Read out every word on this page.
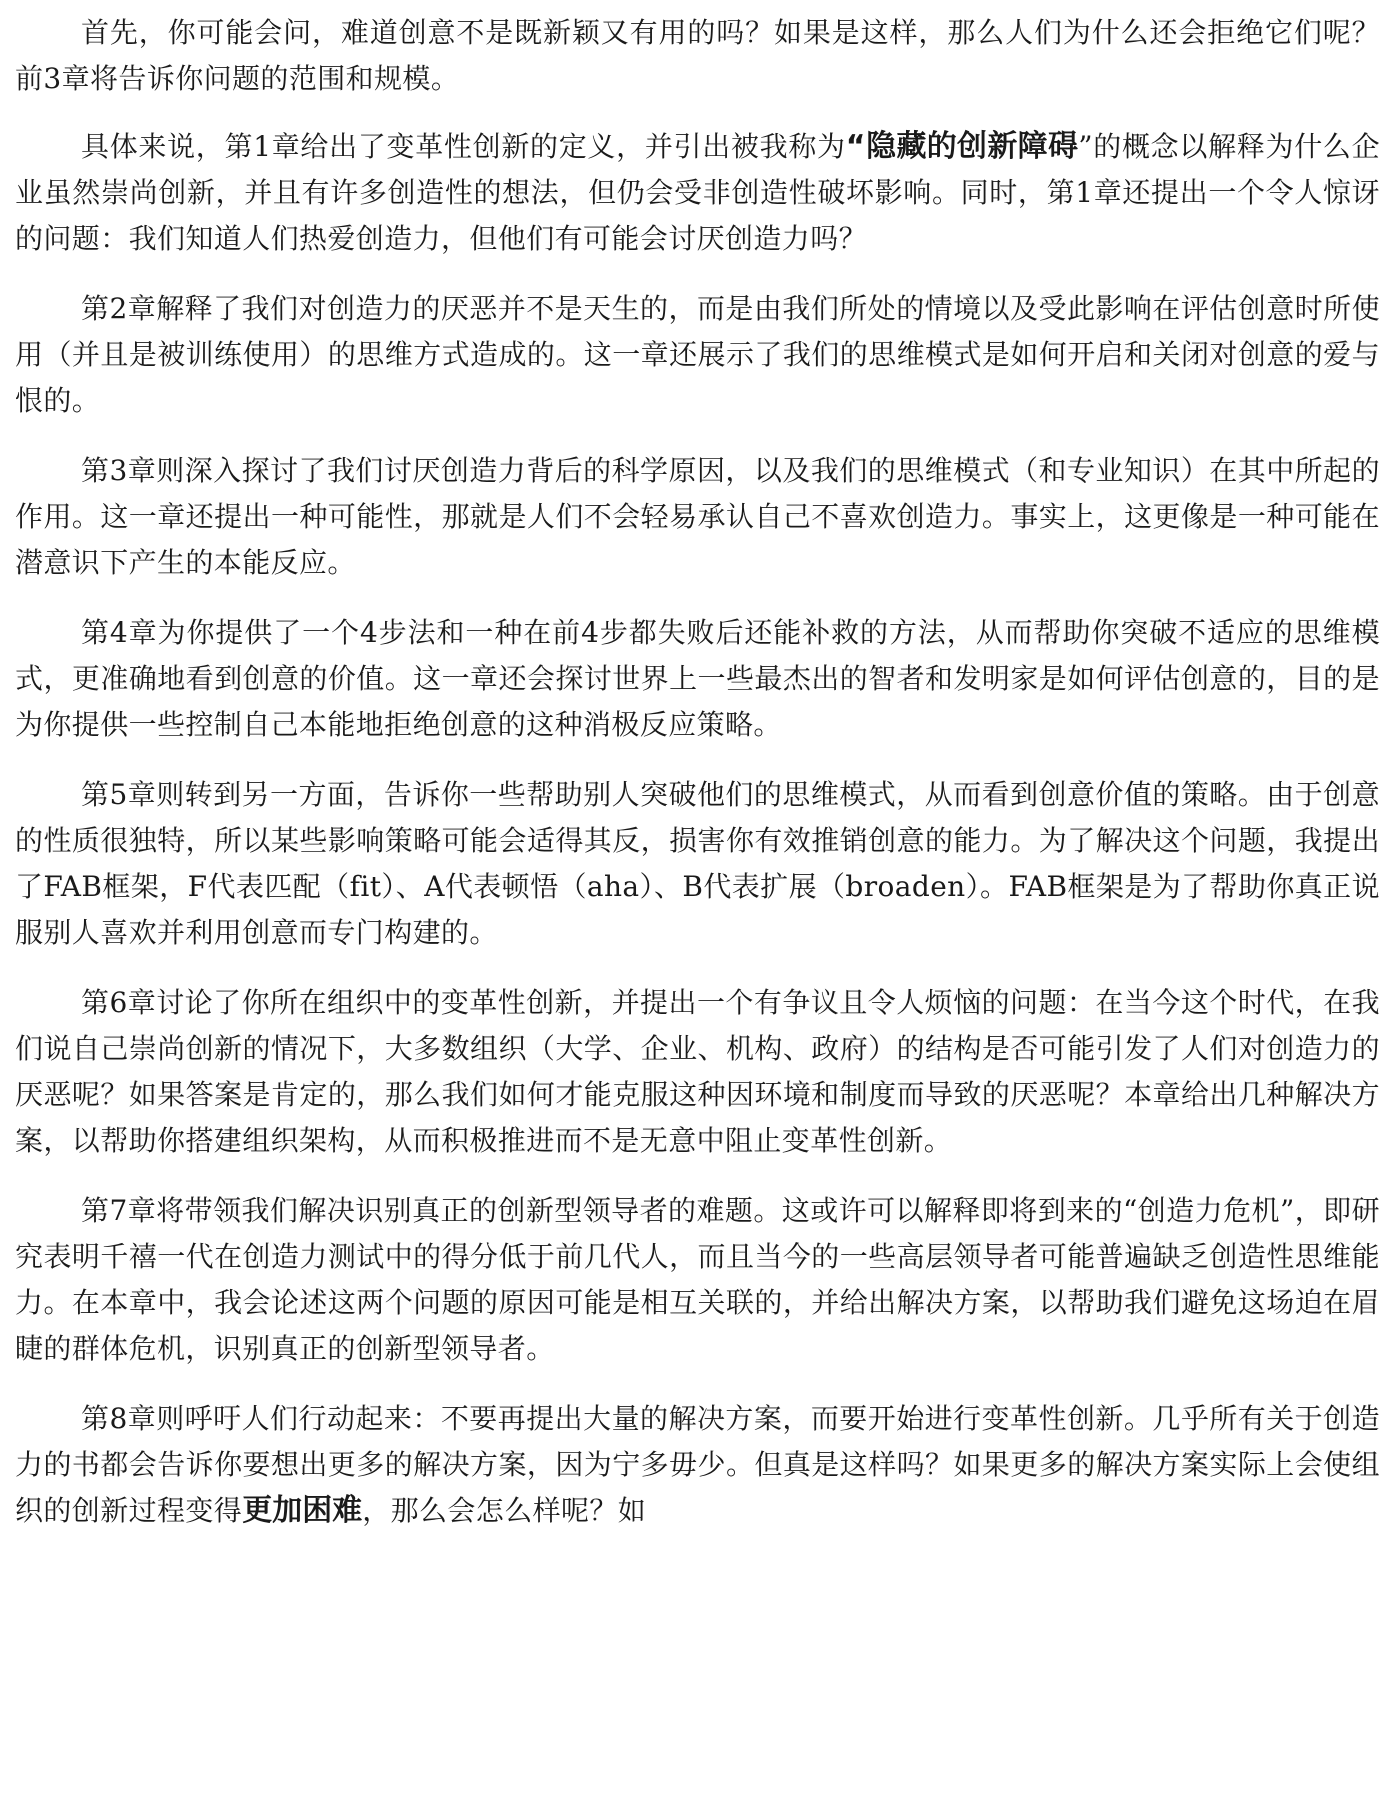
首先，你可能会问，难道创意不是既新颖又有用的吗？如果是这样，那么人们为什么还会拒绝它们呢？前3章将告诉你问题的范围和规模。

具体来说，第1章给出了变革性创新的定义，并引出被我称为“隐藏的创新障碍”的概念以解释为什么企业虽然崇尚创新，并且有许多创造性的想法，但仍会受非创造性破坏影响。同时，第1章还提出一个令人惊讶的问题：我们知道人们热爱创造力，但他们有可能会讨厌创造力吗？

第2章解释了我们对创造力的厌恶并不是天生的，而是由我们所处的情境以及受此影响在评估创意时所使用（并且是被训练使用）的思维方式造成的。这一章还展示了我们的思维模式是如何开启和关闭对创意的爱与恨的。

第3章则深入探讨了我们讨厌创造力背后的科学原因，以及我们的思维模式（和专业知识）在其中所起的作用。这一章还提出一种可能性，那就是人们不会轻易承认自己不喜欢创造力。事实上，这更像是一种可能在潜意识下产生的本能反应。

第4章为你提供了一个4步法和一种在前4步都失败后还能补救的方法，从而帮助你突破不适应的思维模式，更准确地看到创意的价值。这一章还会探讨世界上一些最杰出的智者和发明家是如何评估创意的，目的是为你提供一些控制自己本能地拒绝创意的这种消极反应策略。

第5章则转到另一方面，告诉你一些帮助别人突破他们的思维模式，从而看到创意价值的策略。由于创意的性质很独特，所以某些影响策略可能会适得其反，损害你有效推销创意的能力。为了解决这个问题，我提出了FAB框架，F代表匹配（fit）、A代表顿悟（aha）、B代表扩展（broaden）。FAB框架是为了帮助你真正说服别人喜欢并利用创意而专门构建的。

第6章讨论了你所在组织中的变革性创新，并提出一个有争议且令人烦恼的问题：在当今这个时代，在我们说自己崇尚创新的情况下，大多数组织（大学、企业、机构、政府）的结构是否可能引发了人们对创造力的厌恶呢？如果答案是肯定的，那么我们如何才能克服这种因环境和制度而导致的厌恶呢？本章给出几种解决方案，以帮助你搭建组织架构，从而积极推进而不是无意中阻止变革性创新。

第7章将带领我们解决识别真正的创新型领导者的难题。这或许可以解释即将到来的“创造力危机”，即研究表明千禧一代在创造力测试中的得分低于前几代人，而且当今的一些高层领导者可能普遍缺乏创造性思维能力。在本章中，我会论述这两个问题的原因可能是相互关联的，并给出解决方案，以帮助我们避免这场迫在眉睫的群体危机，识别真正的创新型领导者。

第8章则呼吁人们行动起来：不要再提出大量的解决方案，而要开始进行变革性创新。几乎所有关于创造力的书都会告诉你要想出更多的解决方案，因为宁多毋少。但真是这样吗？如果更多的解决方案实际上会使组织的创新过程变得更加困难，那么会怎么样呢？如
